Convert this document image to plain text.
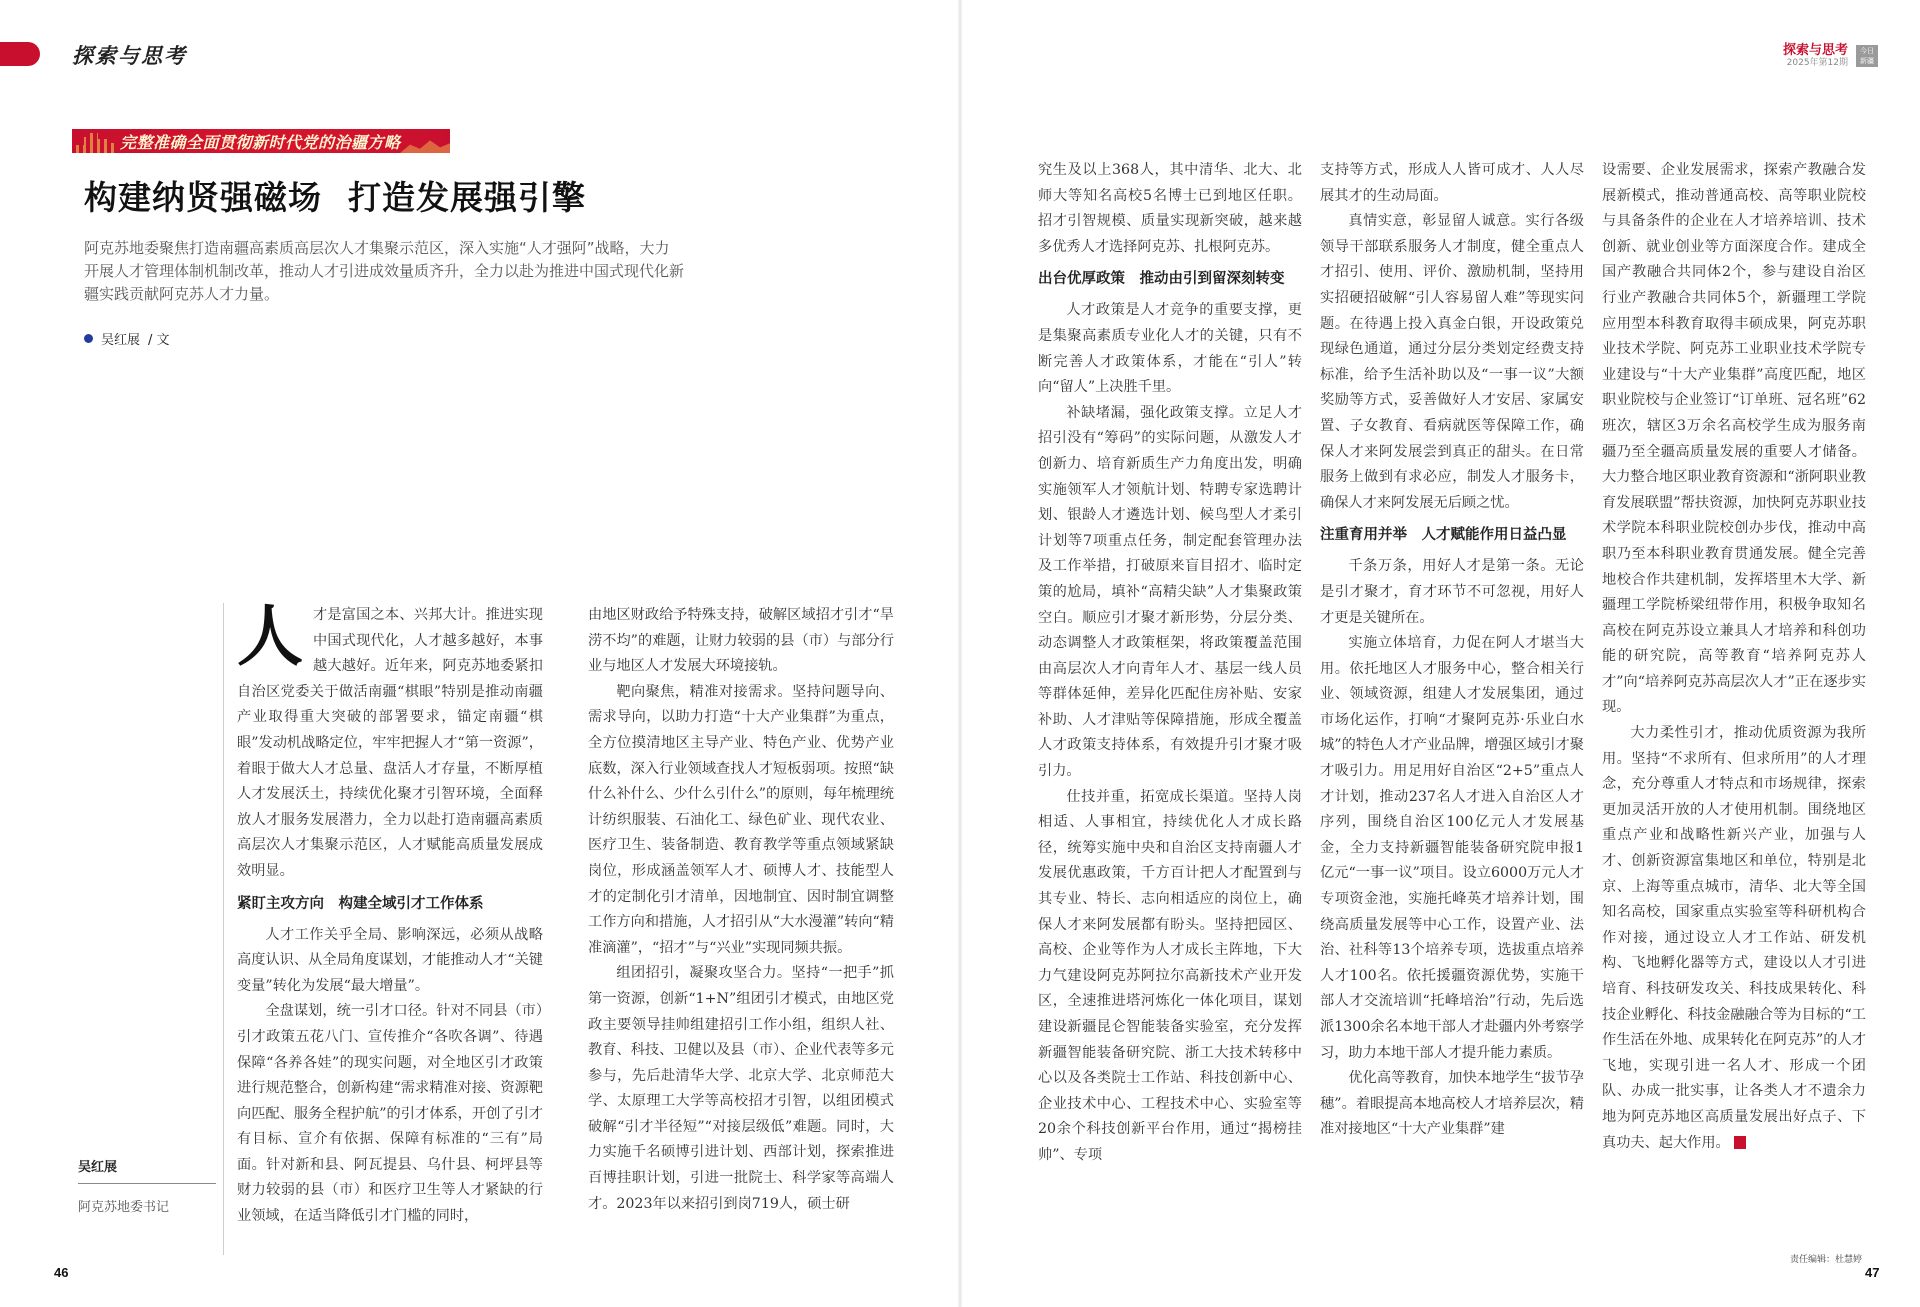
探索与思考	探索与思考
2025年第12期
今日新疆
完整准确全面贯彻新时代党的治疆方略
构建纳贤强磁场 打造发展强引擎
阿克苏地委聚焦打造南疆高素质高层次人才集聚示范区，深入实施“人才强阿”战略，大力开展人才管理体制机制改革，推动人才引进成效量质齐升，全力以赴为推进中国式现代化新疆实践贡献阿克苏人才力量。
吴红展 / 文
人 才是富国之本、兴邦大计。推进实现中国式现代化，人才越多越好，本事越大越好。近年来，阿克苏地委紧扣自治区党委关于做活南疆“棋眼”特别是推动南疆产业取得重大突破的部署要求，锚定南疆“棋眼”发动机战略定位，牢牢把握人才“第一资源”，着眼于做大人才总量、盘活人才存量，不断厚植人才发展沃土，持续优化聚才引智环境，全面释放人才服务发展潜力，全力以赴打造南疆高素质高层次人才集聚示范区，人才赋能高质量发展成效明显。

紧盯主攻方向　构建全域引才工作体系

人才工作关乎全局、影响深远，必须从战略高度认识、从全局角度谋划，才能推动人才“关键变量”转化为发展“最大增量”。

全盘谋划，统一引才口径。针对不同县（市）引才政策五花八门、宣传推介“各吹各调”、待遇保障“各养各娃”的现实问题，对全地区引才政策进行规范整合，创新构建“需求精准对接、资源靶向匹配、服务全程护航”的引才体系，开创了引才有目标、宣介有依据、保障有标准的“三有”局面。针对新和县、阿瓦提县、乌什县、柯坪县等财力较弱的县（市）和医疗卫生等人才紧缺的行业领域，在适当降低引才门槛的同时，

由地区财政给予特殊支持，破解区域招才引才“旱涝不均”的难题，让财力较弱的县（市）与部分行业与地区人才发展大环境接轨。

靶向聚焦，精准对接需求。坚持问题导向、需求导向，以助力打造“十大产业集群”为重点，全方位摸清地区主导产业、特色产业、优势产业底数，深入行业领域查找人才短板弱项。按照“缺什么补什么、少什么引什么”的原则，每年梳理统计纺织服装、石油化工、绿色矿业、现代农业、医疗卫生、装备制造、教育教学等重点领域紧缺岗位，形成涵盖领军人才、硕博人才、技能型人才的定制化引才清单，因地制宜、因时制宜调整工作方向和措施，人才招引从“大水漫灌”转向“精准滴灌”，“招才”与“兴业”实现同频共振。

组团招引，凝聚攻坚合力。坚持“一把手”抓第一资源，创新“1+N”组团引才模式，由地区党政主要领导挂帅组建招引工作小组，组织人社、教育、科技、卫健以及县（市）、企业代表等多元参与，先后赴清华大学、北京大学、北京师范大学、太原理工大学等高校招才引智，以组团模式破解“引才半径短”“对接层级低”难题。同时，大力实施千名硕博引进计划、西部计划，探索推进百博挂职计划，引进一批院士、科学家等高端人才。2023年以来招引到岗719人，硕士研

究生及以上368人，其中清华、北大、北师大等知名高校5名博士已到地区任职。招才引智规模、质量实现新突破，越来越多优秀人才选择阿克苏、扎根阿克苏。

出台优厚政策　推动由引到留深刻转变

人才政策是人才竞争的重要支撑，更是集聚高素质专业化人才的关键，只有不断完善人才政策体系，才能在“引人”转向“留人”上决胜千里。

补缺堵漏，强化政策支撑。立足人才招引没有“筹码”的实际问题，从激发人才创新力、培育新质生产力角度出发，明确实施领军人才领航计划、特聘专家选聘计划、银龄人才遴选计划、候鸟型人才柔引计划等7项重点任务，制定配套管理办法及工作举措，打破原来盲目招才、临时定策的尬局，填补“高精尖缺”人才集聚政策空白。顺应引才聚才新形势，分层分类、动态调整人才政策框架，将政策覆盖范围由高层次人才向青年人才、基层一线人员等群体延伸，差异化匹配住房补贴、安家补助、人才津贴等保障措施，形成全覆盖人才政策支持体系，有效提升引才聚才吸引力。

仕技并重，拓宽成长渠道。坚持人岗相适、人事相宜，持续优化人才成长路径，统筹实施中央和自治区支持南疆人才发展优惠政策，千方百计把人才配置到与其专业、特长、志向相适应的岗位上，确保人才来阿发展都有盼头。坚持把园区、高校、企业等作为人才成长主阵地，下大力气建设阿克苏阿拉尔高新技术产业开发区，全速推进塔河炼化一体化项目，谋划建设新疆昆仑智能装备实验室，充分发挥新疆智能装备研究院、浙工大技术转移中心以及各类院士工作站、科技创新中心、企业技术中心、工程技术中心、实验室等20余个科技创新平台作用，通过“揭榜挂帅”、专项

支持等方式，形成人人皆可成才、人人尽展其才的生动局面。

真情实意，彰显留人诚意。实行各级领导干部联系服务人才制度，健全重点人才招引、使用、评价、激励机制，坚持用实招硬招破解“引人容易留人难”等现实问题。在待遇上投入真金白银，开设政策兑现绿色通道，通过分层分类划定经费支持标准，给予生活补助以及“一事一议”大额奖励等方式，妥善做好人才安居、家属安置、子女教育、看病就医等保障工作，确保人才来阿发展尝到真正的甜头。在日常服务上做到有求必应，制发人才服务卡，确保人才来阿发展无后顾之忧。

注重育用并举　人才赋能作用日益凸显

千条万条，用好人才是第一条。无论是引才聚才，育才环节不可忽视，用好人才更是关键所在。

实施立体培育，力促在阿人才堪当大用。依托地区人才服务中心，整合相关行业、领域资源，组建人才发展集团，通过市场化运作，打响“才聚阿克苏·乐业白水城”的特色人才产业品牌，增强区域引才聚才吸引力。用足用好自治区“2+5”重点人才计划，推动237名人才进入自治区人才序列，围绕自治区100亿元人才发展基金，全力支持新疆智能装备研究院申报1亿元“一事一议”项目。设立6000万元人才专项资金池，实施托峰英才培养计划，围绕高质量发展等中心工作，设置产业、法治、社科等13个培养专项，选拔重点培养人才100名。依托援疆资源优势，实施干部人才交流培训“托峰培治”行动，先后选派1300余名本地干部人才赴疆内外考察学习，助力本地干部人才提升能力素质。

优化高等教育，加快本地学生“拔节孕穗”。着眼提高本地高校人才培养层次，精准对接地区“十大产业集群”建

设需要、企业发展需求，探索产教融合发展新模式，推动普通高校、高等职业院校与具备条件的企业在人才培养培训、技术创新、就业创业等方面深度合作。建成全国产教融合共同体2个，参与建设自治区行业产教融合共同体5个，新疆理工学院应用型本科教育取得丰硕成果，阿克苏职业技术学院、阿克苏工业职业技术学院专业建设与“十大产业集群”高度匹配，地区职业院校与企业签订“订单班、冠名班”62班次，辖区3万余名高校学生成为服务南疆乃至全疆高质量发展的重要人才储备。大力整合地区职业教育资源和“浙阿职业教育发展联盟”帮扶资源，加快阿克苏职业技术学院本科职业院校创办步伐，推动中高职乃至本科职业教育贯通发展。健全完善地校合作共建机制，发挥塔里木大学、新疆理工学院桥梁纽带作用，积极争取知名高校在阿克苏设立兼具人才培养和科创功能的研究院，高等教育“培养阿克苏人才”向“培养阿克苏高层次人才”正在逐步实现。

大力柔性引才，推动优质资源为我所用。坚持“不求所有、但求所用”的人才理念，充分尊重人才特点和市场规律，探索更加灵活开放的人才使用机制。围绕地区重点产业和战略性新兴产业，加强与人才、创新资源富集地区和单位，特别是北京、上海等重点城市，清华、北大等全国知名高校，国家重点实验室等科研机构合作对接，通过设立人才工作站、研发机构、飞地孵化器等方式，建设以人才引进培育、科技研发攻关、科技成果转化、科技企业孵化、科技金融融合等为目标的“工作生活在外地、成果转化在阿克苏”的人才飞地，实现引进一名人才、形成一个团队、办成一批实事，让各类人才不遗余力地为阿克苏地区高质量发展出好点子、下真功夫、起大作用。	J

吴红展
阿克苏地委书记
责任编辑：杜慧婷
46	47
